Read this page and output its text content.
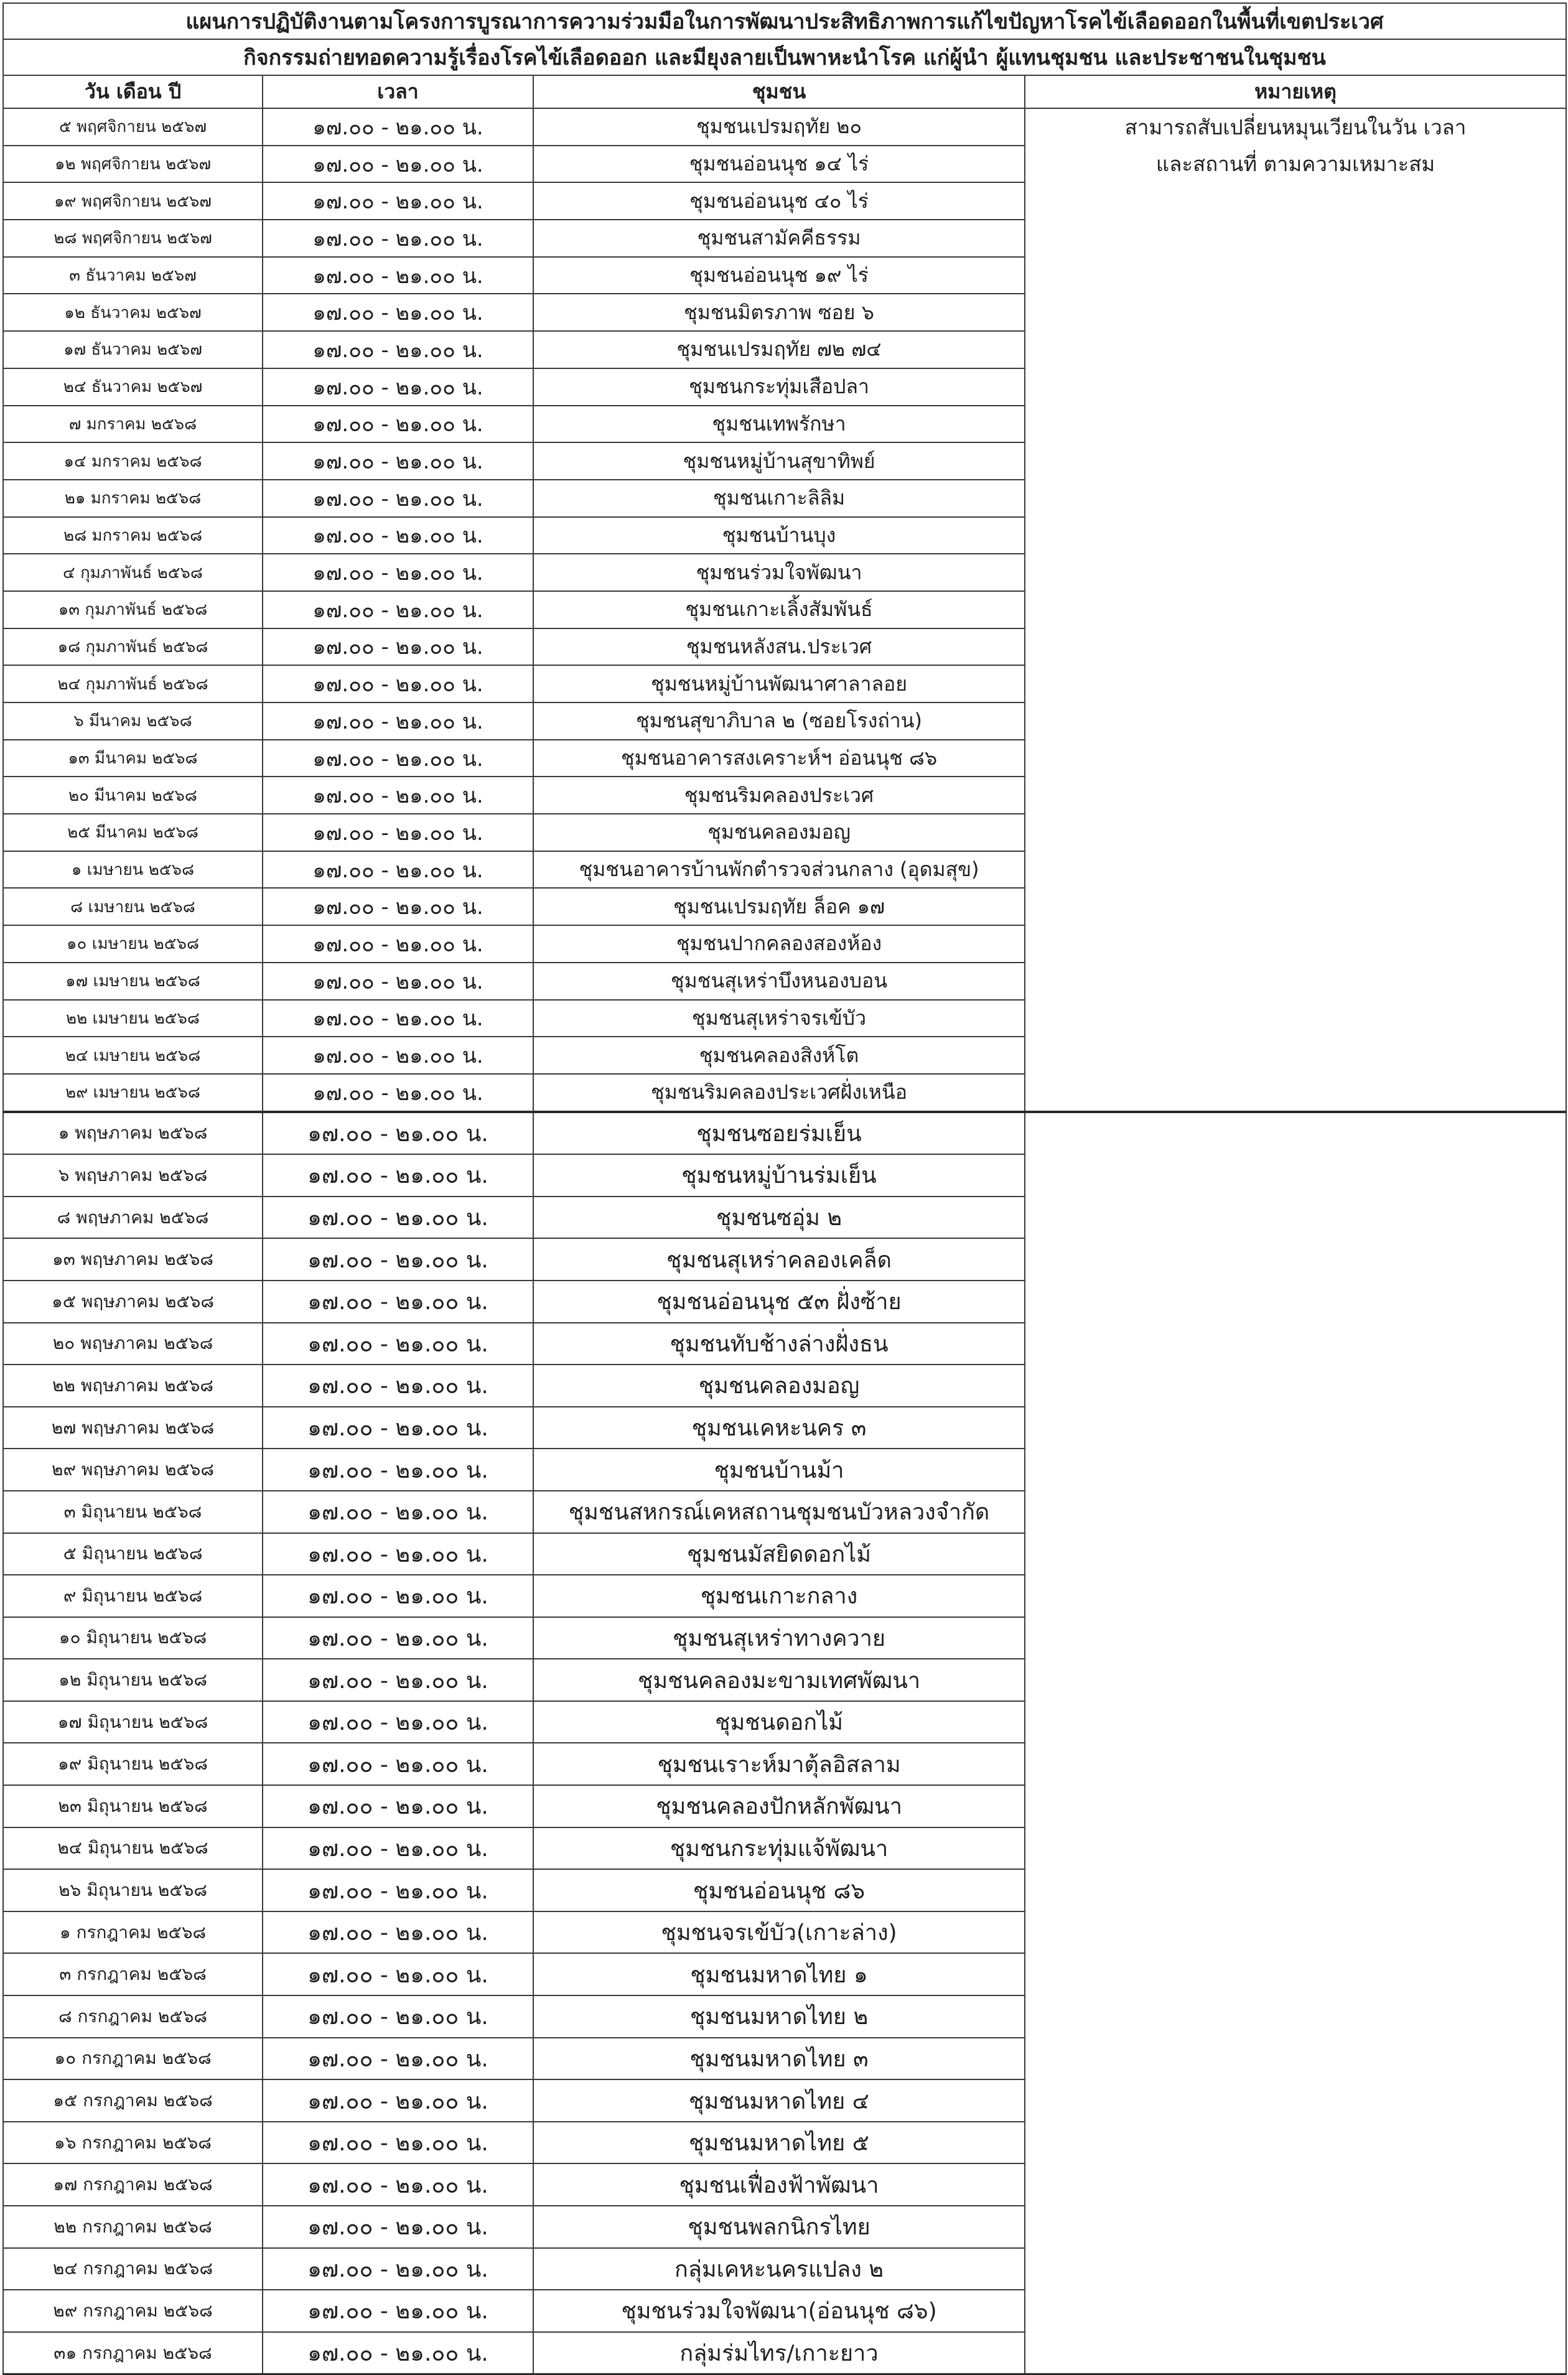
แผนการปฏิบัติงานตามโครงการบูรณาการความร่วมมือในการพัฒนาประสิทธิภาพการแก้ไขปัญหาโรคไข้เลือดออกในพื้นที่เขตประเวศ			
กิจกรรมถ่ายทอดความรู้เรื่องโรคไข้เลือดออก และมียุงลายเป็นพาหะนำโรค แก่ผู้นำ ผู้แทนชุมชน และประชาชนในชุมชน			
วัน เดือน ปี	เวลา	ชุมชน	หมายเหตุ
๕ พฤศจิกายน ๒๕๖๗	๑๗.๐๐ - ๒๑.๐๐ น.	ชุมชนเปรมฤทัย ๒๐	สามารถสับเปลี่ยนหมุนเวียนในวัน เวลา
๑๒ พฤศจิกายน ๒๕๖๗	๑๗.๐๐ - ๒๑.๐๐ น.	ชุมชนอ่อนนุช ๑๔ ไร่	และสถานที่ ตามความเหมาะสม
๑๙ พฤศจิกายน ๒๕๖๗	๑๗.๐๐ - ๒๑.๐๐ น.	ชุมชนอ่อนนุช ๔๐ ไร่	
๒๘ พฤศจิกายน ๒๕๖๗	๑๗.๐๐ - ๒๑.๐๐ น.	ชุมชนสามัคคีธรรม	
๓ ธันวาคม ๒๕๖๗	๑๗.๐๐ - ๒๑.๐๐ น.	ชุมชนอ่อนนุช ๑๙ ไร่	
๑๒ ธันวาคม ๒๕๖๗	๑๗.๐๐ - ๒๑.๐๐ น.	ชุมชนมิตรภาพ ซอย ๖	
๑๗ ธันวาคม ๒๕๖๗	๑๗.๐๐ - ๒๑.๐๐ น.	ชุมชนเปรมฤทัย ๗๒ ๗๔	
๒๔ ธันวาคม ๒๕๖๗	๑๗.๐๐ - ๒๑.๐๐ น.	ชุมชนกระทุ่มเสือปลา	
๗ มกราคม ๒๕๖๘	๑๗.๐๐ - ๒๑.๐๐ น.	ชุมชนเทพรักษา	
๑๔ มกราคม ๒๕๖๘	๑๗.๐๐ - ๒๑.๐๐ น.	ชุมชนหมู่บ้านสุขาทิพย์	
๒๑ มกราคม ๒๕๖๘	๑๗.๐๐ - ๒๑.๐๐ น.	ชุมชนเกาะลิลิม	
๒๘ มกราคม ๒๕๖๘	๑๗.๐๐ - ๒๑.๐๐ น.	ชุมชนบ้านบุง	
๔ กุมภาพันธ์ ๒๕๖๘	๑๗.๐๐ - ๒๑.๐๐ น.	ชุมชนร่วมใจพัฒนา	
๑๓ กุมภาพันธ์ ๒๕๖๘	๑๗.๐๐ - ๒๑.๐๐ น.	ชุมชนเกาะเลิ้งสัมพันธ์	
๑๘ กุมภาพันธ์ ๒๕๖๘	๑๗.๐๐ - ๒๑.๐๐ น.	ชุมชนหลังสน.ประเวศ	
๒๔ กุมภาพันธ์ ๒๕๖๘	๑๗.๐๐ - ๒๑.๐๐ น.	ชุมชนหมู่บ้านพัฒนาศาลาลอย	
๖ มีนาคม ๒๕๖๘	๑๗.๐๐ - ๒๑.๐๐ น.	ชุมชนสุขาภิบาล ๒ (ซอยโรงถ่าน)	
๑๓ มีนาคม ๒๕๖๘	๑๗.๐๐ - ๒๑.๐๐ น.	ชุมชนอาคารสงเคราะห์ฯ อ่อนนุช ๘๖	
๒๐ มีนาคม ๒๕๖๘	๑๗.๐๐ - ๒๑.๐๐ น.	ชุมชนริมคลองประเวศ	
๒๕ มีนาคม ๒๕๖๘	๑๗.๐๐ - ๒๑.๐๐ น.	ชุมชนคลองมอญ	
๑ เมษายน ๒๕๖๘	๑๗.๐๐ - ๒๑.๐๐ น.	ชุมชนอาคารบ้านพักตำรวจส่วนกลาง (อุดมสุข)	
๘ เมษายน ๒๕๖๘	๑๗.๐๐ - ๒๑.๐๐ น.	ชุมชนเปรมฤทัย ล็อค ๑๗	
๑๐ เมษายน ๒๕๖๘	๑๗.๐๐ - ๒๑.๐๐ น.	ชุมชนปากคลองสองห้อง	
๑๗ เมษายน ๒๕๖๘	๑๗.๐๐ - ๒๑.๐๐ น.	ชุมชนสุเหร่าบึงหนองบอน	
๒๒ เมษายน ๒๕๖๘	๑๗.๐๐ - ๒๑.๐๐ น.	ชุมชนสุเหร่าจรเข้บัว	
๒๔ เมษายน ๒๕๖๘	๑๗.๐๐ - ๒๑.๐๐ น.	ชุมชนคลองสิงห์โต	
๒๙ เมษายน ๒๕๖๘	๑๗.๐๐ - ๒๑.๐๐ น.	ชุมชนริมคลองประเวศฝั่งเหนือ	
๑ พฤษภาคม ๒๕๖๘	๑๗.๐๐ - ๒๑.๐๐ น.	ชุมชนซอยร่มเย็น	
๖ พฤษภาคม ๒๕๖๘	๑๗.๐๐ - ๒๑.๐๐ น.	ชุมชนหมู่บ้านร่มเย็น	
๘ พฤษภาคม ๒๕๖๘	๑๗.๐๐ - ๒๑.๐๐ น.	ชุมชนซอุ่ม ๒	
๑๓ พฤษภาคม ๒๕๖๘	๑๗.๐๐ - ๒๑.๐๐ น.	ชุมชนสุเหร่าคลองเคล็ด	
๑๕ พฤษภาคม ๒๕๖๘	๑๗.๐๐ - ๒๑.๐๐ น.	ชุมชนอ่อนนุช ๕๓ ฝั่งซ้าย	
๒๐ พฤษภาคม ๒๕๖๘	๑๗.๐๐ - ๒๑.๐๐ น.	ชุมชนทับช้างล่างฝั่งธน	
๒๒ พฤษภาคม ๒๕๖๘	๑๗.๐๐ - ๒๑.๐๐ น.	ชุมชนคลองมอญ	
๒๗ พฤษภาคม ๒๕๖๘	๑๗.๐๐ - ๒๑.๐๐ น.	ชุมชนเคหะนคร ๓	
๒๙ พฤษภาคม ๒๕๖๘	๑๗.๐๐ - ๒๑.๐๐ น.	ชุมชนบ้านม้า	
๓ มิถุนายน ๒๕๖๘	๑๗.๐๐ - ๒๑.๐๐ น.	ชุมชนสหกรณ์เคหสถานชุมชนบัวหลวงจำกัด	
๕ มิถุนายน ๒๕๖๘	๑๗.๐๐ - ๒๑.๐๐ น.	ชุมชนมัสยิดดอกไม้	
๙ มิถุนายน ๒๕๖๘	๑๗.๐๐ - ๒๑.๐๐ น.	ชุมชนเกาะกลาง	
๑๐ มิถุนายน ๒๕๖๘	๑๗.๐๐ - ๒๑.๐๐ น.	ชุมชนสุเหร่าทางควาย	
๑๒ มิถุนายน ๒๕๖๘	๑๗.๐๐ - ๒๑.๐๐ น.	ชุมชนคลองมะขามเทศพัฒนา	
๑๗ มิถุนายน ๒๕๖๘	๑๗.๐๐ - ๒๑.๐๐ น.	ชุมชนดอกไม้	
๑๙ มิถุนายน ๒๕๖๘	๑๗.๐๐ - ๒๑.๐๐ น.	ชุมชนเราะห์มาตุ้ลอิสลาม	
๒๓ มิถุนายน ๒๕๖๘	๑๗.๐๐ - ๒๑.๐๐ น.	ชุมชนคลองปักหลักพัฒนา	
๒๔ มิถุนายน ๒๕๖๘	๑๗.๐๐ - ๒๑.๐๐ น.	ชุมชนกระทุ่มแจ้พัฒนา	
๒๖ มิถุนายน ๒๕๖๘	๑๗.๐๐ - ๒๑.๐๐ น.	ชุมชนอ่อนนุช ๘๖	
๑ กรกฎาคม ๒๕๖๘	๑๗.๐๐ - ๒๑.๐๐ น.	ชุมชนจรเข้บัว(เกาะล่าง)	
๓ กรกฎาคม ๒๕๖๘	๑๗.๐๐ - ๒๑.๐๐ น.	ชุมชนมหาดไทย ๑	
๘ กรกฎาคม ๒๕๖๘	๑๗.๐๐ - ๒๑.๐๐ น.	ชุมชนมหาดไทย ๒	
๑๐ กรกฎาคม ๒๕๖๘	๑๗.๐๐ - ๒๑.๐๐ น.	ชุมชนมหาดไทย ๓	
๑๕ กรกฎาคม ๒๕๖๘	๑๗.๐๐ - ๒๑.๐๐ น.	ชุมชนมหาดไทย ๔	
๑๖ กรกฎาคม ๒๕๖๘	๑๗.๐๐ - ๒๑.๐๐ น.	ชุมชนมหาดไทย ๕	
๑๗ กรกฎาคม ๒๕๖๘	๑๗.๐๐ - ๒๑.๐๐ น.	ชุมชนเฟื่องฟ้าพัฒนา	
๒๒ กรกฎาคม ๒๕๖๘	๑๗.๐๐ - ๒๑.๐๐ น.	ชุมชนพลกนิกรไทย	
๒๔ กรกฎาคม ๒๕๖๘	๑๗.๐๐ - ๒๑.๐๐ น.	กลุ่มเคหะนครแปลง ๒	
๒๙ กรกฎาคม ๒๕๖๘	๑๗.๐๐ - ๒๑.๐๐ น.	ชุมชนร่วมใจพัฒนา(อ่อนนุช ๘๖)	
๓๑ กรกฎาคม ๒๕๖๘	๑๗.๐๐ - ๒๑.๐๐ น.	กลุ่มร่มไทร/เกาะยาว	
